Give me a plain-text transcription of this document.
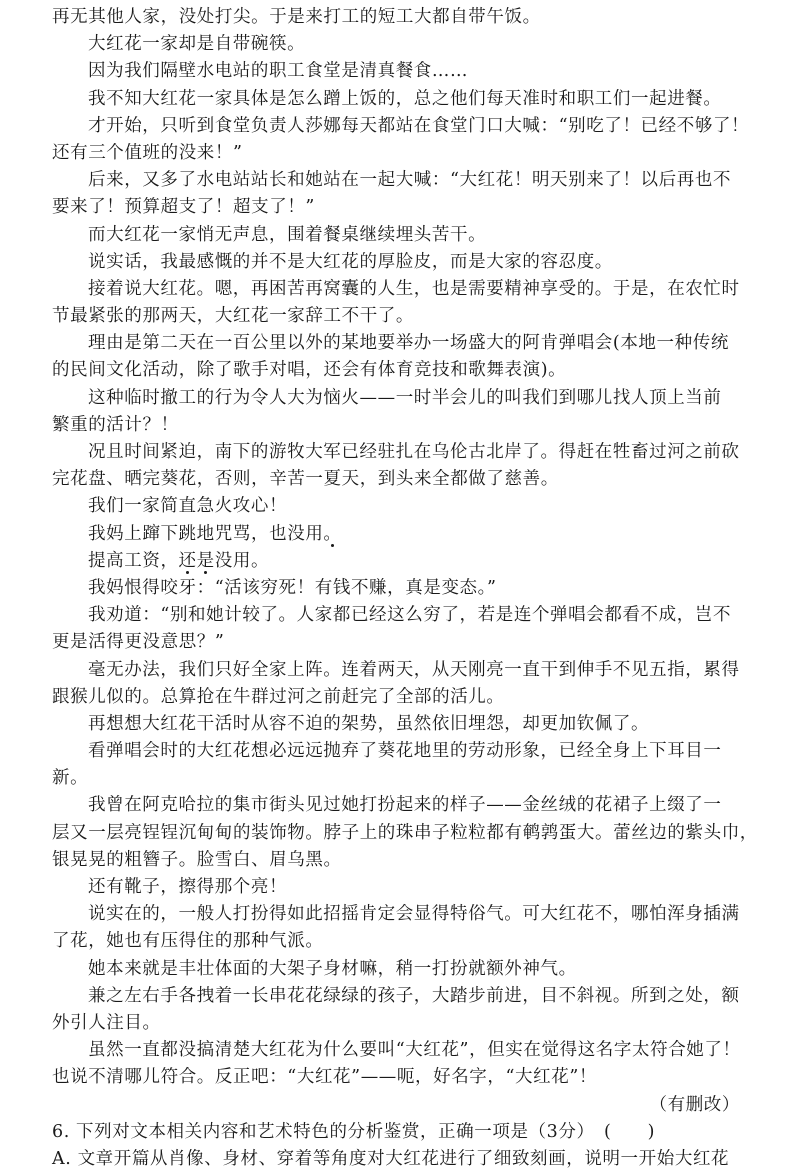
再无其他人家，没处打尖。于是来打工的短工大都自带午饭。
大红花一家却是自带碗筷。
因为我们隔壁水电站的职工食堂是清真餐食……
我不知大红花一家具体是怎么蹭上饭的，总之他们每天准时和职工们一起进餐。
才开始，只听到食堂负责人莎娜每天都站在食堂门口大喊：“别吃了！已经不够了！
还有三个值班的没来！”
后来，又多了水电站站长和她站在一起大喊：“大红花！明天别来了！以后再也不
要来了！预算超支了！超支了！”
而大红花一家悄无声息，围着餐桌继续埋头苦干。
说实话，我最感慨的并不是大红花的厚脸皮，而是大家的容忍度。
接着说大红花。嗯，再困苦再窝囊的人生，也是需要精神享受的。于是，在农忙时
节最紧张的那两天，大红花一家辞工不干了。
理由是第二天在一百公里以外的某地要举办一场盛大的阿肯弹唱会(本地一种传统
的民间文化活动，除了歌手对唱，还会有体育竞技和歌舞表演)。
这种临时撤工的行为令人大为恼火——一时半会儿的叫我们到哪儿找人顶上当前
繁重的活计？！
况且时间紧迫，南下的游牧大军已经驻扎在乌伦古北岸了。得赶在牲畜过河之前砍
完花盘、晒完葵花，否则，辛苦一夏天，到头来全都做了慈善。
我们一家简直急火攻心！
我妈上蹿下跳地咒骂，也没用。
提高工资，还是没用。
我妈恨得咬牙：“活该穷死！有钱不赚，真是变态。”
我劝道：“别和她计较了。人家都已经这么穷了，若是连个弹唱会都看不成，岂不
更是活得更没意思？”
毫无办法，我们只好全家上阵。连着两天，从天刚亮一直干到伸手不见五指，累得
跟猴儿似的。总算抢在牛群过河之前赶完了全部的活儿。
再想想大红花干活时从容不迫的架势，虽然依旧埋怨，却更加钦佩了。
看弹唱会时的大红花想必远远抛弃了葵花地里的劳动形象，已经全身上下耳目一
新。
我曾在阿克哈拉的集市街头见过她打扮起来的样子——金丝绒的花裙子上缀了一
层又一层亮锃锃沉甸甸的装饰物。脖子上的珠串子粒粒都有鹌鹑蛋大。蕾丝边的紫头巾，
银晃晃的粗簪子。脸雪白、眉乌黑。
还有靴子，擦得那个亮！
说实在的，一般人打扮得如此招摇肯定会显得特俗气。可大红花不，哪怕浑身插满
了花，她也有压得住的那种气派。
她本来就是丰壮体面的大架子身材嘛，稍一打扮就额外神气。
兼之左右手各拽着一长串花花绿绿的孩子，大踏步前进，目不斜视。所到之处，额
外引人注目。
虽然一直都没搞清楚大红花为什么要叫“大红花”，但实在觉得这名字太符合她了！
也说不清哪儿符合。反正吧：“大红花”——呃，好名字，“大红花”！
（有删改）
6. 下列对文本相关内容和艺术特色的分析鉴赏，正确一项是（3分）　(　　)
A. 文章开篇从肖像、身材、穿着等角度对大红花进行了细致刻画，说明一开始大红花
